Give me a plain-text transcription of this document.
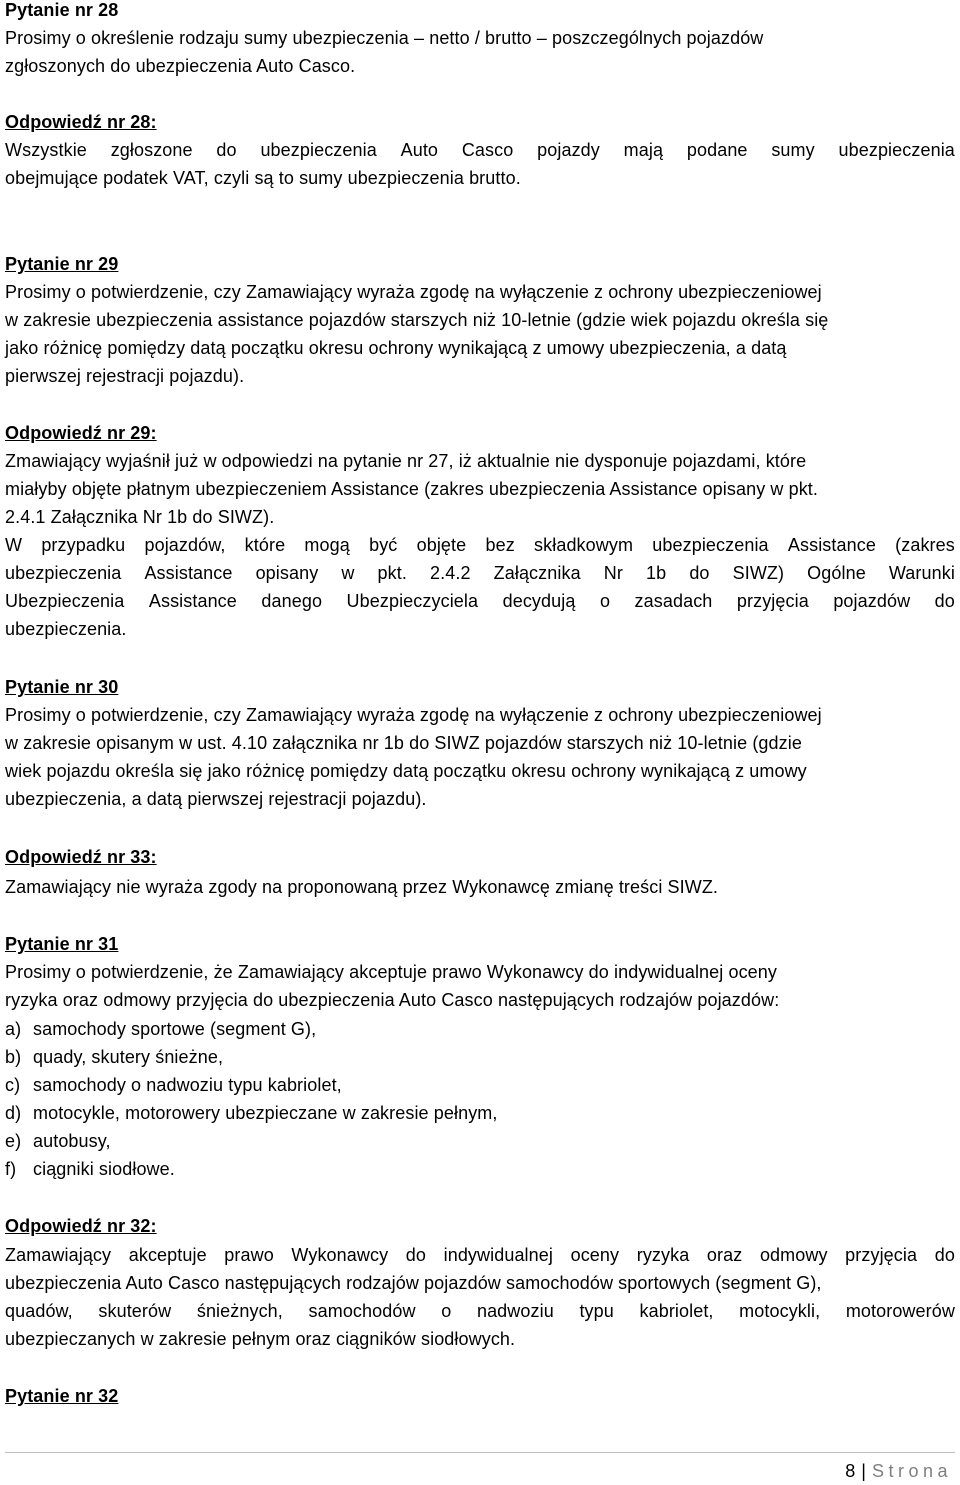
Pytanie nr 28
Prosimy o określenie rodzaju sumy ubezpieczenia – netto / brutto – poszczególnych pojazdów
zgłoszonych do ubezpieczenia Auto Casco.
Odpowiedź nr 28:
Wszystkie zgłoszone do ubezpieczenia Auto Casco pojazdy mają podane sumy ubezpieczenia
obejmujące podatek VAT, czyli są to sumy ubezpieczenia brutto.
Pytanie nr 29
Prosimy o potwierdzenie, czy Zamawiający wyraża zgodę na wyłączenie z ochrony ubezpieczeniowej
w zakresie ubezpieczenia assistance pojazdów starszych niż 10-letnie (gdzie wiek pojazdu określa się
jako różnicę pomiędzy datą początku okresu ochrony wynikającą z umowy ubezpieczenia, a datą
pierwszej rejestracji pojazdu).
Odpowiedź nr 29:
Zmawiający wyjaśnił już w odpowiedzi na pytanie nr 27, iż aktualnie nie dysponuje pojazdami, które
miałyby objęte płatnym ubezpieczeniem Assistance (zakres ubezpieczenia Assistance opisany w pkt.
2.4.1 Załącznika Nr 1b do SIWZ).
W przypadku pojazdów, które mogą być objęte bez składkowym ubezpieczenia Assistance (zakres
ubezpieczenia Assistance opisany w pkt. 2.4.2 Załącznika Nr 1b do SIWZ) Ogólne Warunki
Ubezpieczenia Assistance danego Ubezpieczyciela decydują o zasadach przyjęcia pojazdów do
ubezpieczenia.
Pytanie nr 30
Prosimy o potwierdzenie, czy Zamawiający wyraża zgodę na wyłączenie z ochrony ubezpieczeniowej
w zakresie opisanym w ust. 4.10 załącznika nr 1b do SIWZ pojazdów starszych niż 10-letnie (gdzie
wiek pojazdu określa się jako różnicę pomiędzy datą początku okresu ochrony wynikającą z umowy
ubezpieczenia, a datą pierwszej rejestracji pojazdu).
Odpowiedź nr 33:
Zamawiający nie wyraża zgody na proponowaną przez Wykonawcę zmianę treści SIWZ.
Pytanie nr 31
Prosimy o potwierdzenie, że Zamawiający akceptuje prawo Wykonawcy do indywidualnej oceny
ryzyka oraz odmowy przyjęcia do ubezpieczenia Auto Casco następujących rodzajów pojazdów:
a) samochody sportowe (segment G),
b) quady, skutery śnieżne,
c) samochody o nadwoziu typu kabriolet,
d) motocykle, motorowery ubezpieczane w zakresie pełnym,
e) autobusy,
f) ciągniki siodłowe.
Odpowiedź nr 32:
Zamawiający akceptuje prawo Wykonawcy do indywidualnej oceny ryzyka oraz odmowy przyjęcia do
ubezpieczenia Auto Casco następujących rodzajów pojazdów samochodów sportowych (segment G),
quadów, skuterów śnieżnych, samochodów o nadwoziu typu kabriolet, motocykli, motorowerów
ubezpieczanych w zakresie pełnym oraz ciągników siodłowych.
Pytanie nr 32
8 | Strona
